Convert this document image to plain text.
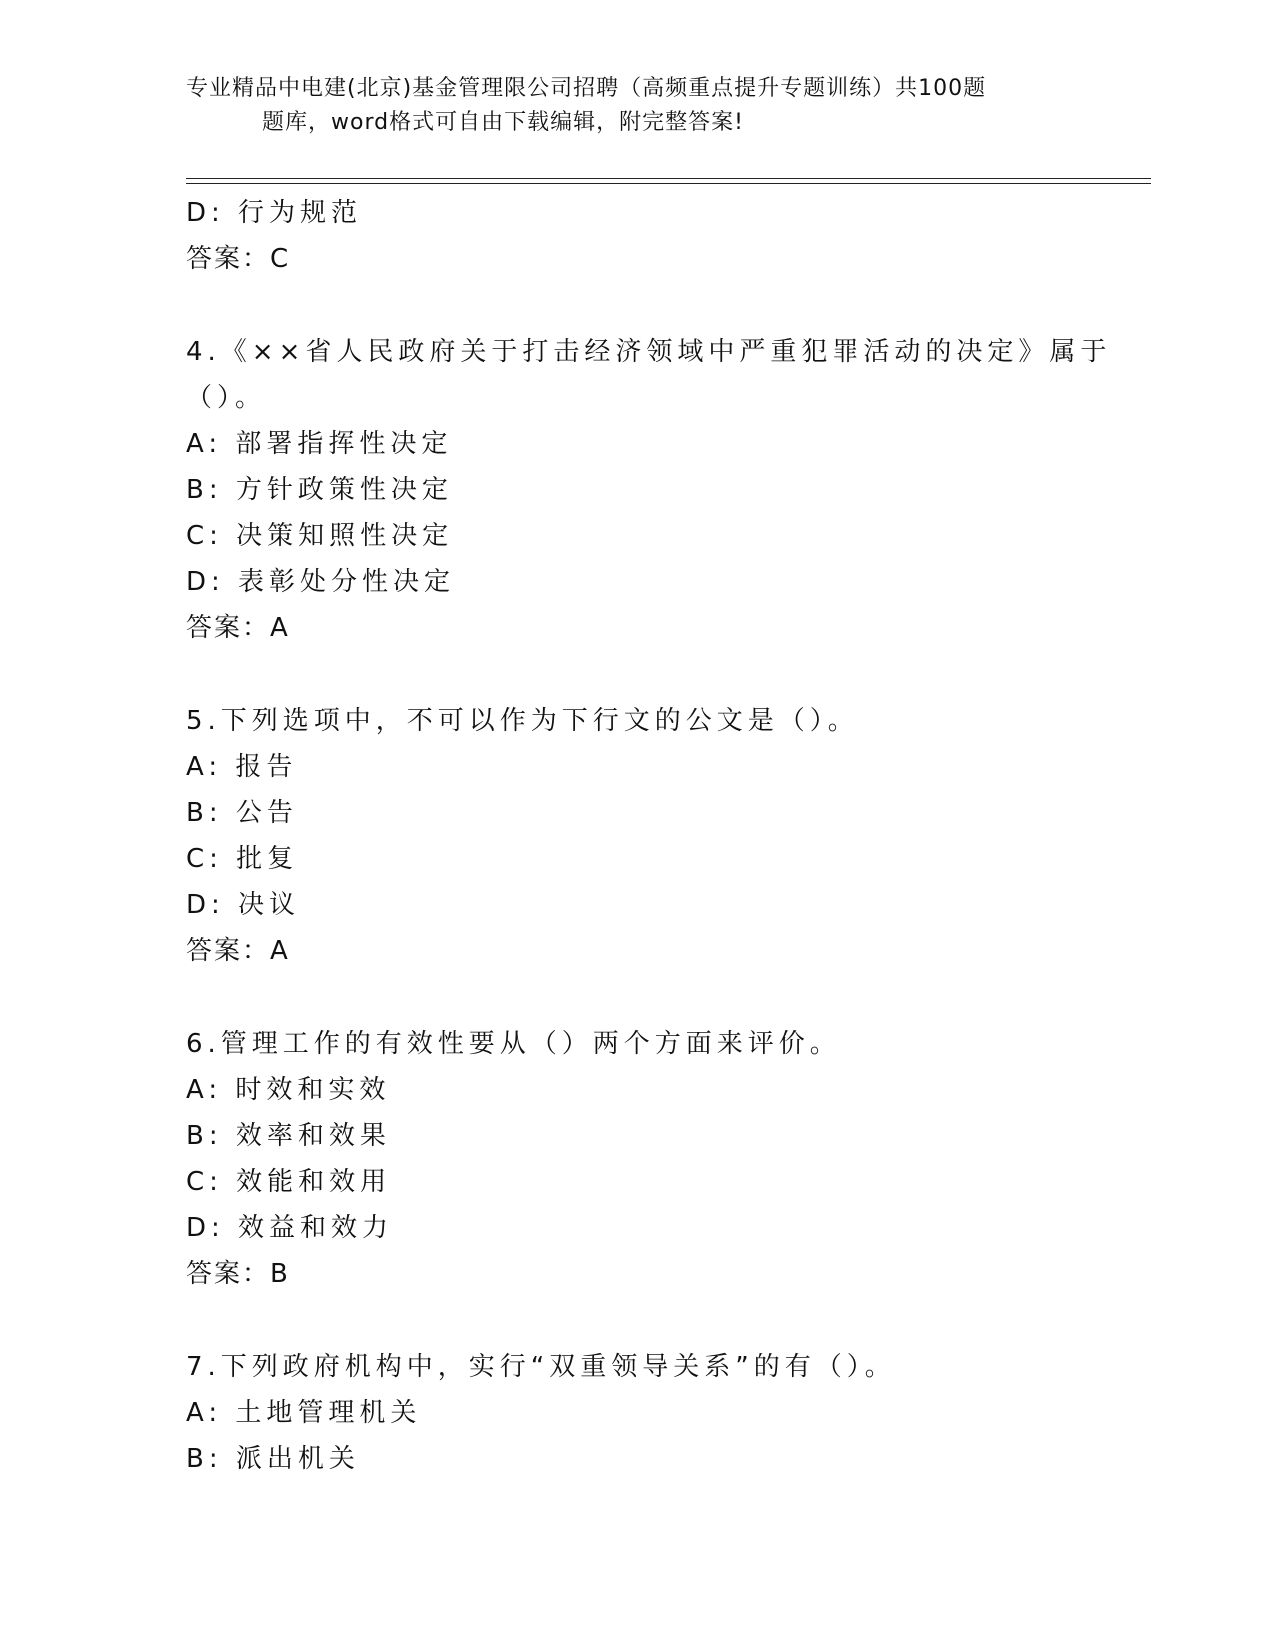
专业精品中电建(北京)基金管理限公司招聘（高频重点提升专题训练）共100题
题库，word格式可自由下载编辑，附完整答案!
D: 行为规范
答案：C
4.《××省人民政府关于打击经济领域中严重犯罪活动的决定》属于
（）。
A: 部署指挥性决定
B: 方针政策性决定
C: 决策知照性决定
D: 表彰处分性决定
答案：A
5.下列选项中，不可以作为下行文的公文是（）。
A: 报告
B: 公告
C: 批复
D: 决议
答案：A
6.管理工作的有效性要从（）两个方面来评价。
A: 时效和实效
B: 效率和效果
C: 效能和效用
D: 效益和效力
答案：B
7.下列政府机构中，实行“双重领导关系”的有（）。
A: 土地管理机关
B: 派出机关
